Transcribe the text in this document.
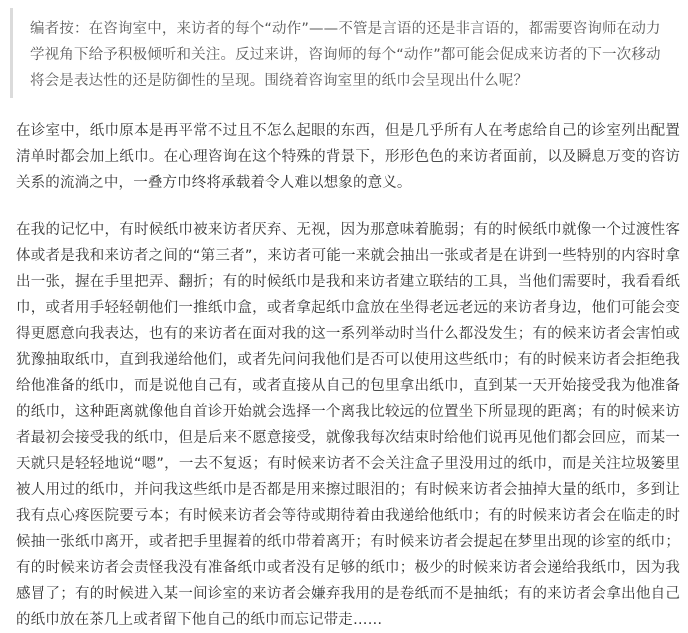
编者按：在咨询室中，来访者的每个“动作”——不管是言语的还是非言语的，都需要咨询师在动力学视角下给予积极倾听和关注。反过来讲，咨询师的每个“动作”都可能会促成来访者的下一次移动将会是表达性的还是防御性的呈现。围绕着咨询室里的纸巾会呈现出什么呢？

在诊室中，纸巾原本是再平常不过且不怎么起眼的东西，但是几乎所有人在考虑给自己的诊室列出配置清单时都会加上纸巾。在心理咨询在这个特殊的背景下，形形色色的来访者面前，以及瞬息万变的咨访关系的流淌之中，一叠方巾终将承载着令人难以想象的意义。

在我的记忆中，有时候纸巾被来访者厌弃、无视，因为那意味着脆弱；有的时候纸巾就像一个过渡性客体或者是我和来访者之间的“第三者”，来访者可能一来就会抽出一张或者是在讲到一些特别的内容时拿出一张，握在手里把弄、翻折；有的时候纸巾是我和来访者建立联结的工具，当他们需要时，我看看纸巾，或者用手轻轻朝他们一推纸巾盒，或者拿起纸巾盒放在坐得老远老远的来访者身边，他们可能会变得更愿意向我表达，也有的来访者在面对我的这一系列举动时当什么都没发生；有的候来访者会害怕或犹豫抽取纸巾，直到我递给他们，或者先问问我他们是否可以使用这些纸巾；有的时候来访者会拒绝我给他准备的纸巾，而是说他自己有，或者直接从自己的包里拿出纸巾，直到某一天开始接受我为他准备的纸巾，这种距离就像他自首诊开始就会选择一个离我比较远的位置坐下所显现的距离；有的时候来访者最初会接受我的纸巾，但是后来不愿意接受，就像我每次结束时给他们说再见他们都会回应，而某一天就只是轻轻地说“嗯”，一去不复返；有时候来访者不会关注盒子里没用过的纸巾，而是关注垃圾篓里被人用过的纸巾，并问我这些纸巾是否都是用来擦过眼泪的；有时候来访者会抽掉大量的纸巾，多到让我有点心疼医院要亏本；有时候来访者会等待或期待着由我递给他纸巾；有的时候来访者会在临走的时候抽一张纸巾离开，或者把手里握着的纸巾带着离开；有时候来访者会提起在梦里出现的诊室的纸巾；有的时候来访者会责怪我没有准备纸巾或者没有足够的纸巾；极少的时候来访者会递给我纸巾，因为我感冒了；有的时候进入某一间诊室的来访者会嫌弃我用的是卷纸而不是抽纸；有的来访者会拿出他自己的纸巾放在茶几上或者留下他自己的纸巾而忘记带走……
